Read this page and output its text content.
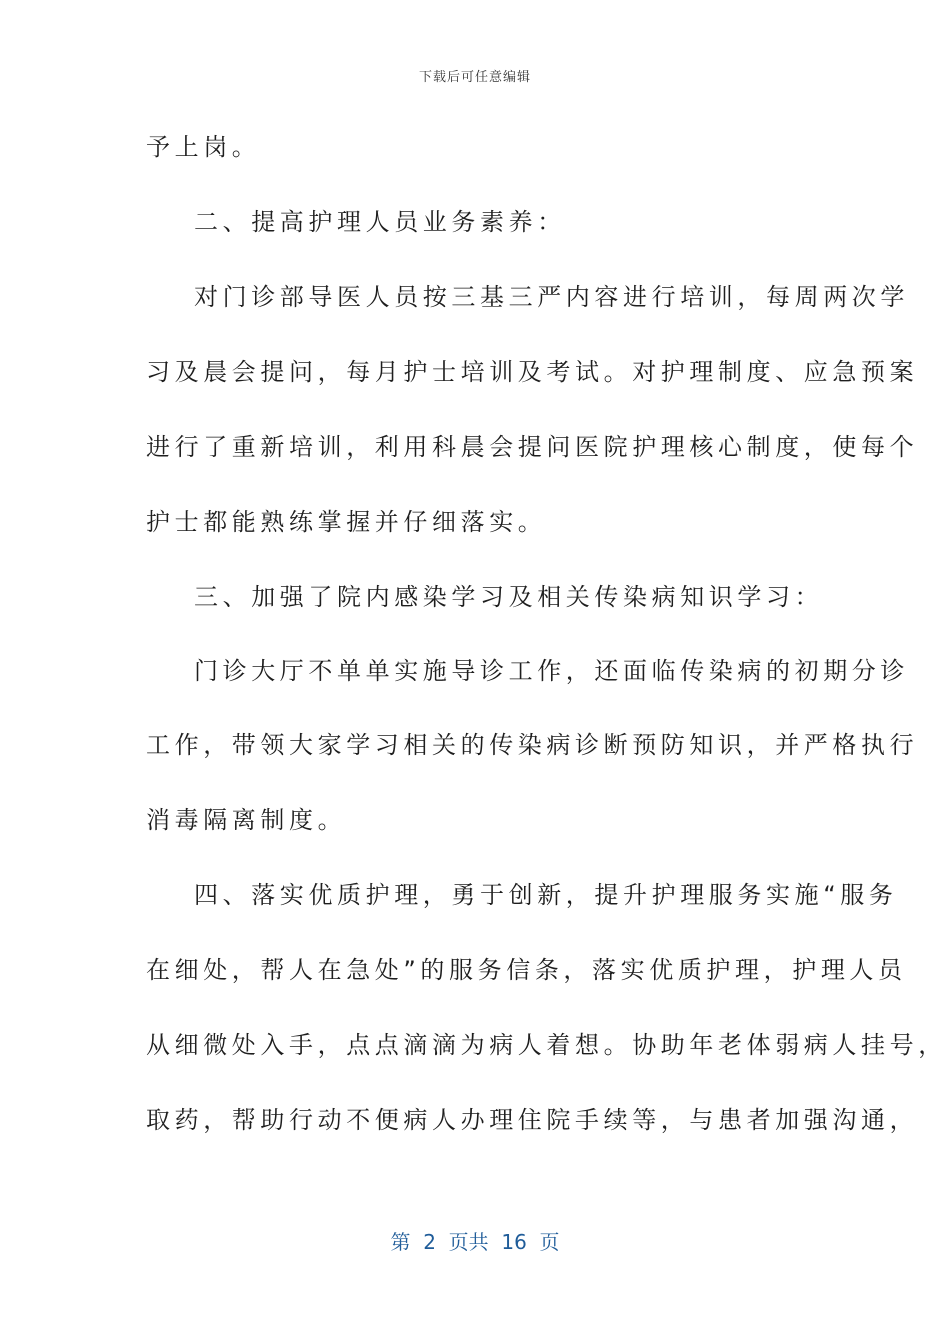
下载后可任意编辑
予上岗。
二、提高护理人员业务素养：
对门诊部导医人员按三基三严内容进行培训，每周两次学
习及晨会提问，每月护士培训及考试。对护理制度、应急预案
进行了重新培训，利用科晨会提问医院护理核心制度，使每个
护士都能熟练掌握并仔细落实。
三、加强了院内感染学习及相关传染病知识学习：
门诊大厅不单单实施导诊工作，还面临传染病的初期分诊
工作，带领大家学习相关的传染病诊断预防知识，并严格执行
消毒隔离制度。
四、落实优质护理，勇于创新，提升护理服务实施“服务
在细处，帮人在急处”的服务信条，落实优质护理，护理人员
从细微处入手，点点滴滴为病人着想。协助年老体弱病人挂号，
取药，帮助行动不便病人办理住院手续等，与患者加强沟通，
第 2 页共 16 页
